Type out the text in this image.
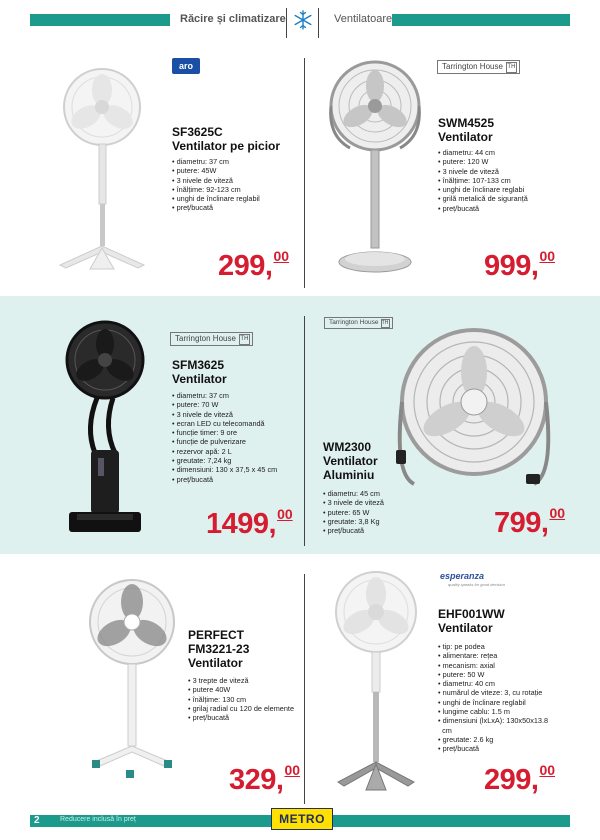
Răcire și climatizare	Ventilatoare
aro
SF3625C
Ventilator pe picior
• diametru: 37 cm
• putere: 45W
• 3 nivele de viteză
• înălțime: 92-123 cm
• unghi de înclinare reglabil
• preț/bucată
299,00
Tarrington House TH
SWM4525
Ventilator
• diametru: 44 cm
• putere: 120 W
• 3 nivele de viteză
• înălțime: 107-133 cm
• unghi de înclinare reglabi
• grilă metalică de siguranță
• preț/bucată
999,00
Tarrington House TH
SFM3625
Ventilator
• diametru: 37 cm
• putere: 70 W
• 3 nivele de viteză
• ecran LED cu telecomandă
• funcție timer: 9 ore
• funcție de pulverizare
• rezervor apă: 2 L
• greutate: 7,24 kg
• dimensiuni: 130 x 37,5 x 45 cm
• preț/bucată
1499,00
Tarrington House TH
WM2300
Ventilator
Aluminiu
• diametru: 45 cm
• 3 nivele de viteză
• putere: 65 W
• greutate: 3,8 Kg
• preț/bucată	799,00
PERFECT
FM3221-23
Ventilator
• 3 trepte de viteză
• putere 40W
• înălțime: 130 cm
• grilaj radial cu 120 de elemente
• preț/bucată
329,00
esperanza
quality speaks for good decision
EHF001WW
Ventilator
• tip: pe podea
• alimentare: rețea
• mecanism: axial
• putere: 50 W
• diametru: 40 cm
• numărul de viteze: 3, cu rotație
• unghi de înclinare reglabil
• lungime cablu: 1.5 m
• dimensiuni (lxLxA): 130x50x13.8
cm
• greutate: 2.6 kg
• preț/bucată
299,00
2	Reducere inclusă în preț	METRO
